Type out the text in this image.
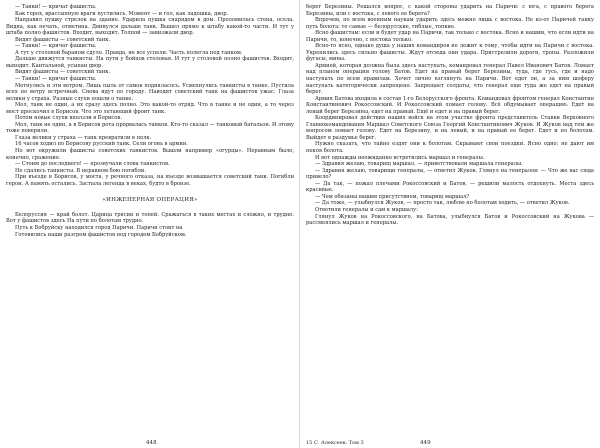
— Танки! — кричат фашисты.

Как горох, врассыпную враги пустились. Момент — и гол, как ладошка, двор.

Направил пушку стрелок на здание. Ударила пушка снарядом в дом. Проломилась стена, осела. Видна, как печать, отметина. Двинулся дальше танк. Вышел прямо к штабу какой-то части. И тут у штаба полно фашистов. Входит, выходит. Толпой — завизжали двор.

Видят фашисты — советский танк.

— Танки! — кричат фашисты.

А тут у столовой бараном сдуло. Правда, не все успели. Часть полегла под танком.

Дальше движутся танкисты. На пути у бойцов столовая. И тут у столовой полно фашистов. Входит, выходит. Кантальной, усыпан двор.

Видят фашисты — советский танк.

— Танки! — кричат фашисты.

Метнулись и эти ветром. Лишь пыль от самок подняласось. Усмехнулись танкисты в танке. Пустила всех по ветру встречный. Снова идут по городу. Наводит советский танк на фашистов ужас. Глаза велики у страха. Разные слухи пошли о танке.

Мол, танк не один, а их сразу здесь полно. Это какой-то отряд. Что в танке и не один, а то через мост проскочил в Борисов. Что это летающий фронт танк.

Потом новые слухи вползли в Борисов.

Мол, танк не один, а в Борисов рота прорвалась танков. Кто-то сказал — танковый батальон. И этому тоже поверили.

Глаза велики у страха — танк превратили в полк.

16 часов ходил по Борисову русский танк. Сели огонь в армии.

Но вот окружили фашисты советских танкистов. Вышли например «огурцы». Неравным было, конечно, сражение.

— Стоим до последнего! — прозвучали слова танкистов.

Не сдались танкисты. В неравном бою погибли.

При въезде в Борисов, у моста, у речного отказа, на въезде возвышается советский танк. Погибли герои. А память остались. Застыла легенда в веках, будто в бронзе.

«ИНЖЕНЕРНАЯ ОПЕРАЦИЯ»

Белоруссия — край болот. Царица трясин и топей. Сражаться в таких местах и сложно, и трудно. Вот у фашистов здесь На пути по болотам трудно.

Путь к Бобруйску находился город Паричи. Паричи стоит на

Готовились наши разгром фашистов под городом Бобруйском.

448

берег Березины. Решался вопрос, с какой стороны ударить на Паричи: с юга, с правого берега Березины, или с востока, с левого ее берега?

Впрочем, по всем военным наукам ударить здесь можно лишь с востока. Не из-от Паричей танку путь болота: те самые — белорусские, гиблые, топкие.

Ясно фашистам: если и будет удар на Паричи, так только с востока. Ясно и нашим, что если идти на Паричи, то, конечно, с востока только.

Ясно-то ясно, однако душа у наших командиров не лежит к тому, чтобы идти на Паричи с востока. Укрепились здесь сильно фашисты. Ждут отсюда они удара. Пристрелили дороги, тропы. Разложили фугасы, мины.

Армией, которая должна была здесь наступать, командовал генерал Павел Иванович Батов. Ломает над планом операции голову Батов. Едет на правый берег Березины, туда, где гусь, где и надо наступать по всем правилам. Хочет лично взглянуть на Паричи. Вот едет он, а за ним шоферу наступать категорически запрещено. Запрещает солдаты, что генерал еще туда же едет на правый берег.

Армия Батова входила в состав 1-го Белорусского фронта. Командовал фронтом генерал Константин Константинович Рокоссовский. И Рокоссовский ломает голову. Всё обдумывает операцию. Едет на левый берег Березины, едет на правый. Ещё и едет и на правый берег.

Координировал действия наших войск на этом участке фронта представитель Ставки Верховного Главнокомандования Маршал Советского Союза Георгий Константинович Жуков. И Жуков над тем же вопросом ломает голову. Едет на Березину, и на левый, и на правый ее берег. Едет и по болотам. Выйдет в раздумье берег.

Нужно сказать, что тайно ездят они к болотам. Скрывают свои поездки. Ясно одно: не дают им покоя болота.

И вот однажды неожиданно встретились маршал и генералы.

— Здравия желаю, товарищ маршал, — приветствовали маршала генералы.

— Здравия желаю, товарищи генералы, — ответил Жуков. Глянул на генералов: — Что же вас сюда привело?

— Да так, — пожал плечами Рокоссовский и Батов, — решили малость отдохнуть. Места здесь красивые.

— Чем обязаны вашим присутствием, товарищ маршал?

— Да тоже, — улыбнулся Жуков, — просто так, люблю по болотам ходить, — ответил Жуков.

Ответили генералы и сам к маршалу:

Глянул Жуков на Рокоссовского, на Батова, улыбнулся Батов и Рокоссовский на Жукова — рассмеялись маршал и генералы.

15 С. Алексеев. Том 3	449
